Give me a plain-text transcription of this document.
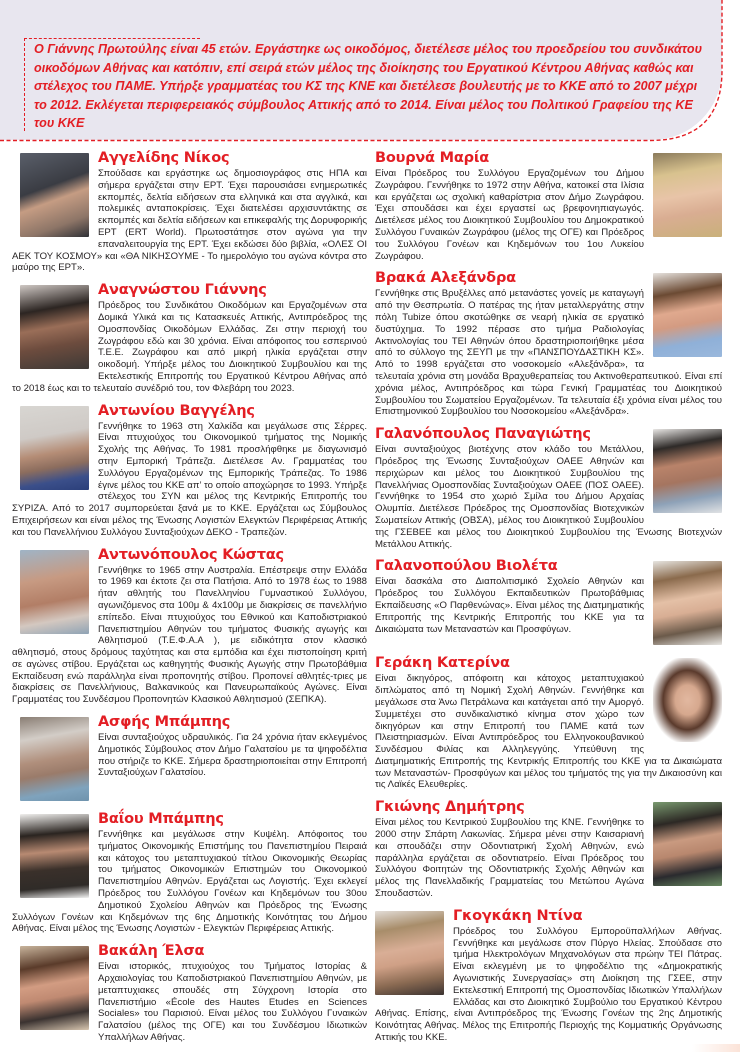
Ο Γιάννης Πρωτούλης είναι 45 ετών. Εργάστηκε ως οικοδόμος, διετέλεσε μέλος του προεδρείου του συνδικάτου οικοδόμων Αθήνας και κατόπιν, επί σειρά ετών μέλος της διοίκησης του Εργατικού Κέντρου Αθήνας καθώς και στέλεχος του ΠΑΜΕ. Υπήρξε γραμματέας του ΚΣ της ΚΝΕ και διετέλεσε βουλευτής με το ΚΚΕ από το 2007 μέχρι το 2012. Εκλέγεται περιφερειακός σύμβουλος Αττικής από το 2014. Είναι μέλος του Πολιτικού Γραφείου της ΚΕ του ΚΚΕ

Αγγελίδης Νίκος

Σπούδασε και εργάστηκε ως δημοσιογράφος στις ΗΠΑ και σήμερα εργάζεται στην ΕΡΤ. Έχει παρουσιάσει ενημερωτικές εκπομπές, δελτία ειδήσεων στα ελληνικά και στα αγγλικά, και πολεμικές ανταποκρίσεις. Έχει διατελέσει αρχισυντάκτης σε εκπομπές και δελτία ειδήσεων και επικεφαλής της Δορυφορικής ΕΡΤ (ERT World). Πρωτοστάτησε στον αγώνα για την επαναλειτουργία της ΕΡΤ. Έχει εκδώσει δύο βιβλία, «ΟΛΕΣ ΟΙ ΑΕΚ ΤΟΥ ΚΟΣΜΟΥ» και «ΘΑ ΝΙΚΗΣΟΥΜΕ - Το ημερολόγιο του αγώνα κόντρα στο μαύρο της ΕΡΤ».

Αναγνώστου Γιάννης

Πρόεδρος του Συνδικάτου Οικοδόμων και Εργαζομένων στα Δομικά Υλικά και τις Κατασκευές Αττικής, Αντιπρόεδρος της Ομοσπονδίας Οικοδόμων Ελλάδας. Ζει στην περιοχή του Ζωγράφου εδώ και 30 χρόνια. Είναι απόφοιτος του εσπερινού Τ.Ε.Ε. Ζωγράφου και από μικρή ηλικία εργάζεται στην οικοδομή. Υπήρξε μέλος του Διοικητικού Συμβουλίου και της Εκτελεστικής Επιτροπής του Εργατικού Κέντρου Αθήνας από το 2018 έως και το τελευταίο συνέδριό του, τον Φλεβάρη του 2023.

Αντωνίου Βαγγέλης

Γεννήθηκε το 1963 στη Χαλκίδα και μεγάλωσε στις Σέρρες. Είναι πτυχιούχος του Οικονομικού τμήματος της Νομικής Σχολής της Αθήνας. Το 1981 προσλήφθηκε με διαγωνισμό στην Εμπορική Τράπεζα. Διετέλεσε Αν. Γραμματέας του Συλλόγου Εργαζομένων της Εμπορικής Τράπεζας. Το 1986 έγινε μέλος του ΚΚΕ απ’ το οποίο αποχώρησε το 1993. Υπήρξε στέλεχος του ΣΥΝ και μέλος της Κεντρικής Επιτροπής του ΣΥΡΙΖΑ. Από το 2017 συμπορεύεται ξανά με το ΚΚΕ. Εργάζεται ως Σύμβουλος Επιχειρήσεων και είναι μέλος της Ένωσης Λογιστών Ελεγκτών Περιφέρειας Αττικής και του Πανελλήνιου Συλλόγου Συνταξιούχων ΔΕΚΟ - Τραπεζών.

Αντωνόπουλος Κώστας

Γεννήθηκε το 1965 στην Αυστραλία. Επέστρεψε στην Ελλάδα το 1969 και έκτοτε ζει στα Πατήσια. Από το 1978 έως το 1988 ήταν αθλητής του Πανελληνίου Γυμναστικού Συλλόγου, αγωνιζόμενος στα 100μ & 4x100μ με διακρίσεις σε πανελλήνιο επίπεδο. Είναι πτυχιούχος του Εθνικού και Καποδιστριακού Πανεπιστημίου Αθηνών του τμήματος Φυσικής αγωγής και Αθλητισμού (Τ.Ε.Φ.Α.Α ), με ειδικότητα στον κλασικό αθλητισμό, στους δρόμους ταχύτητας και στα εμπόδια και έχει πιστοποίηση κριτή σε αγώνες στίβου. Εργάζεται ως καθηγητής Φυσικής Αγωγής στην Πρωτοβάθμια Εκπαίδευση ενώ παράλληλα είναι προπονητής στίβου. Προπονεί αθλητές-τριες με διακρίσεις σε Πανελλήνιους, Βαλκανικούς και Πανευρωπαϊκούς Αγώνες. Είναι Γραμματέας του Συνδέσμου Προπονητών Κλασικού Αθλητισμού (ΣΕΠΚΑ).

Ασφής Μπάμπης

Είναι συνταξιούχος υδραυλικός. Για 24 χρόνια ήταν εκλεγμένος Δημοτικός Σύμβουλος στον Δήμο Γαλατσίου με τα ψηφοδέλτια που στήριζε το ΚΚΕ. Σήμερα δραστηριοποιείται στην Επιτροπή Συνταξιούχων Γαλατσίου.

Βαΐου Μπάμπης

Γεννήθηκε και μεγάλωσε στην Κυψέλη. Απόφοιτος του τμήματος Οικονομικής Επιστήμης του Πανεπιστημίου Πειραιά και κάτοχος του μεταπτυχιακού τίτλου Οικονομικής Θεωρίας του τμήματος Οικονομικών Επιστημών του Οικονομικού Πανεπιστημίου Αθηνών. Εργάζεται ως Λογιστής. Έχει εκλεγεί Πρόεδρος του Συλλόγου Γονέων και Κηδεμόνων του 30ου Δημοτικού Σχολείου Αθηνών και Πρόεδρος της Ένωσης Συλλόγων Γονέων και Κηδεμόνων της 6ης Δημοτικής Κοινότητας του Δήμου Αθήνας. Είναι μέλος της Ένωσης Λογιστών - Ελεγκτών Περιφέρειας Αττικής.

Βακάλη Έλσα

Είναι ιστορικός, πτυχιούχος του Τμήματος Ιστορίας & Αρχαιολογίας του Καποδιστριακού Πανεπιστημίου Αθηνών, με μεταπτυχιακες σπουδές στη Σύγχρονη Ιστορία στο Πανεπιστήμιο «École des Hautes Etudes en Sciences Sociales» του Παρισιού. Είναι μέλος του Συλλόγου Γυναικών Γαλατσίου (μέλος της ΟΓΕ) και του Συνδέσμου Ιδιωτικών Υπαλλήλων Αθήνας.

Βουρνά Μαρία

Είναι Πρόεδρος του Συλλόγου Εργαζομένων του Δήμου Ζωγράφου. Γεννήθηκε το 1972 στην Αθήνα, κατοικεί στα Ιλίσια και εργάζεται ως σχολική καθαρίστρια στον Δήμο Ζωγράφου. Έχει σπουδάσει και έχει εργαστεί ως βρεφονηπιαγωγός. Διετέλεσε μέλος του Διοικητικού Συμβουλίου του Δημοκρατικού Συλλόγου Γυναικών Ζωγράφου (μέλος της ΟΓΕ) και Πρόεδρος του Συλλόγου Γονέων και Κηδεμόνων του 1ου Λυκείου Ζωγράφου.

Βρακά Αλεξάνδρα

Γεννήθηκε στις Βρυξέλλες από μετανάστες γονείς με καταγωγή από την Θεσπρωτία. Ο πατέρας της ήταν μεταλλεργάτης στην πόλη Tubize όπου σκοτώθηκε σε νεαρή ηλικία σε εργατικό δυστύχημα. Το 1992 πέρασε στο τμήμα Ραδιολογίας Ακτινολογίας του ΤΕΙ Αθηνών όπου δραστηριοποιήθηκε μέσα από το σύλλογο της ΣΕΥΠ με την «ΠΑΝΣΠΟΥΔΑΣΤΙΚΗ ΚΣ». Από το 1998 εργάζεται στο νοσοκομείο «Αλεξάνδρα», τα τελευταία χρόνια στη μονάδα Βραχυθεραπείας του Ακτινοθεραπευτικού. Είναι επί χρόνια μέλος, Αντιπρόεδρος και τώρα Γενική Γραμματέας του Διοικητικού Συμβουλίου του Σωματείου Εργαζομένων. Τα τελευταία έξι χρόνια είναι μέλος του Επιστημονικού Συμβουλίου του Νοσοκομείου «Αλεξάνδρα».

Γαλανόπουλος Παναγιώτης

Είναι συνταξιούχος βιοτέχνης στον κλάδο του Μετάλλου, Πρόεδρος της Ένωσης Συνταξιούχων ΟΑΕΕ Αθηνών και περιχώρων και μέλος του Διοικητικού Συμβουλίου της Πανελλήνιας Ομοσπονδίας Συνταξιούχων ΟΑΕΕ (ΠΟΣ ΟΑΕΕ). Γεννήθηκε το 1954 στο χωριό Σμίλα του Δήμου Αρχαίας Ολυμπία. Διετέλεσε Πρόεδρος της Ομοσπονδίας Βιοτεχνικών Σωματείων Αττικής (ΟΒΣΑ), μέλος του Διοικητικού Συμβουλίου της ΓΣΕΒΕΕ και μέλος του Διοικητικού Συμβουλίου της Ένωσης Βιοτεχνών Μετάλλου Αττικής.

Γαλανοπούλου Βιολέτα

Είναι δασκάλα στο Διαπολιτισμικό Σχολείο Αθηνών και Πρόεδρος του Συλλόγου Εκπαιδευτικών Πρωτοβάθμιας Εκπαίδευσης «Ο Παρθενώνας». Είναι μέλος της Διατμηματικής Επιτροπής της Κεντρικής Επιτροπής του ΚΚΕ για τα Δικαιώματα των Μεταναστών και Προσφύγων.

Γεράκη Κατερίνα

Είναι δικηγόρος, απόφοιτη και κάτοχος μεταπτυχιακού διπλώματος από τη Νομική Σχολή Αθηνών. Γεννήθηκε και μεγάλωσε στα Άνω Πετράλωνα και κατάγεται από την Αμοργό. Συμμετέχει στο συνδικαλιστικό κίνημα στον χώρο των δικηγόρων και στην Επιτροπή του ΠΑΜΕ κατά των Πλειστηριασμών. Είναι Αντιπρόεδρος του Ελληνοκουβανικού Συνδέσμου Φιλίας και Αλληλεγγύης. Υπεύθυνη της Διατμηματικής Επιτροπής της Κεντρικής Επιτροπής του ΚΚΕ για τα Δικαιώματα των Μεταναστών- Προσφύγων και μέλος του τμήματός της για την Δικαιοσύνη και τις Λαϊκές Ελευθερίες.

Γκιώνης Δημήτρης

Είναι μέλος του Κεντρικού Συμβουλίου της ΚΝΕ. Γεννήθηκε το 2000 στην Σπάρτη Λακωνίας. Σήμερα μένει στην Καισαριανή και σπουδάζει στην Οδοντιατρική Σχολή Αθηνών, ενώ παράλληλα εργάζεται σε οδοντιατρείο. Είναι Πρόεδρος του Συλλόγου Φοιτητών της Οδοντιατρικής Σχολής Αθηνών και μέλος της Πανελλαδικής Γραμματείας του Μετώπου Αγώνα Σπουδαστών.

Γκογκάκη Ντίνα

Πρόεδρος του Συλλόγου Εμποροϋπαλλήλων Αθήνας. Γεννήθηκε και μεγάλωσε στον Πύργο Ηλείας. Σπούδασε στο τμήμα Ηλεκτρολόγων Μηχανολόγων στα πρώην ΤΕΙ Πάτρας. Είναι εκλεγμένη με το ψηφοδέλτιο της «Δημοκρατικής Αγωνιστικής Συνεργασίας» στη Διοίκηση της ΓΣΕΕ, στην Εκτελεστική Επιτροπή της Ομοσπονδίας Ιδιωτικών Υπαλλήλων Ελλάδας και στο Διοικητικό Συμβούλιο του Εργατικού Κέντρου Αθήνας. Επίσης, είναι Αντιπρόεδρος της Ένωσης Γονέων της 2ης Δημοτικής Κοινότητας Αθήνας. Μέλος της Επιτροπής Περιοχής της Κομματικής Οργάνωσης Αττικής του ΚΚΕ.
